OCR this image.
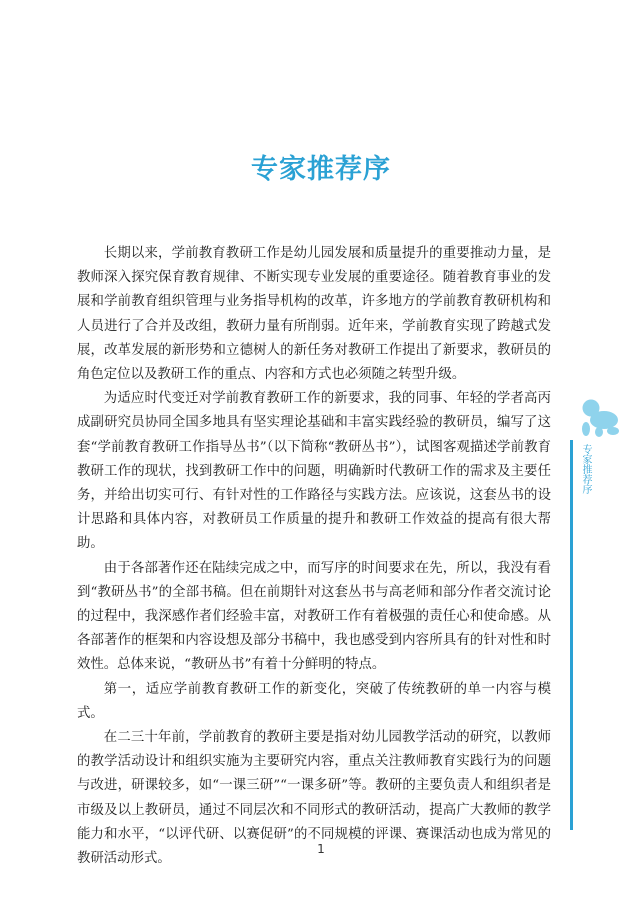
专家推荐序

长期以来，学前教育教研工作是幼儿园发展和质量提升的重要推动力量，是教师深入探究保育教育规律、不断实现专业发展的重要途径。随着教育事业的发展和学前教育组织管理与业务指导机构的改革，许多地方的学前教育教研机构和人员进行了合并及改组，教研力量有所削弱。近年来，学前教育实现了跨越式发展，改革发展的新形势和立德树人的新任务对教研工作提出了新要求，教研员的角色定位以及教研工作的重点、内容和方式也必须随之转型升级。

为适应时代变迁对学前教育教研工作的新要求，我的同事、年轻的学者高丙成副研究员协同全国多地具有坚实理论基础和丰富实践经验的教研员，编写了这套“学前教育教研工作指导丛书”（以下简称“教研丛书”），试图客观描述学前教育教研工作的现状，找到教研工作中的问题，明确新时代教研工作的需求及主要任务，并给出切实可行、有针对性的工作路径与实践方法。应该说，这套丛书的设计思路和具体内容，对教研员工作质量的提升和教研工作效益的提高有很大帮助。

由于各部著作还在陆续完成之中，而写序的时间要求在先，所以，我没有看到“教研丛书”的全部书稿。但在前期针对这套丛书与高老师和部分作者交流讨论的过程中，我深感作者们经验丰富，对教研工作有着极强的责任心和使命感。从各部著作的框架和内容设想及部分书稿中，我也感受到内容所具有的针对性和时效性。总体来说，“教研丛书”有着十分鲜明的特点。

第一，适应学前教育教研工作的新变化，突破了传统教研的单一内容与模式。

在二三十年前，学前教育的教研主要是指对幼儿园教学活动的研究，以教师的教学活动设计和组织实施为主要研究内容，重点关注教师教育实践行为的问题与改进，研课较多，如“一课三研”“一课多研”等。教研的主要负责人和组织者是市级及以上教研员，通过不同层次和不同形式的教研活动，提高广大教师的教学能力和水平，“以评代研、以赛促研”的不同规模的评课、赛课活动也成为常见的教研活动形式。

专家推荐序
1
